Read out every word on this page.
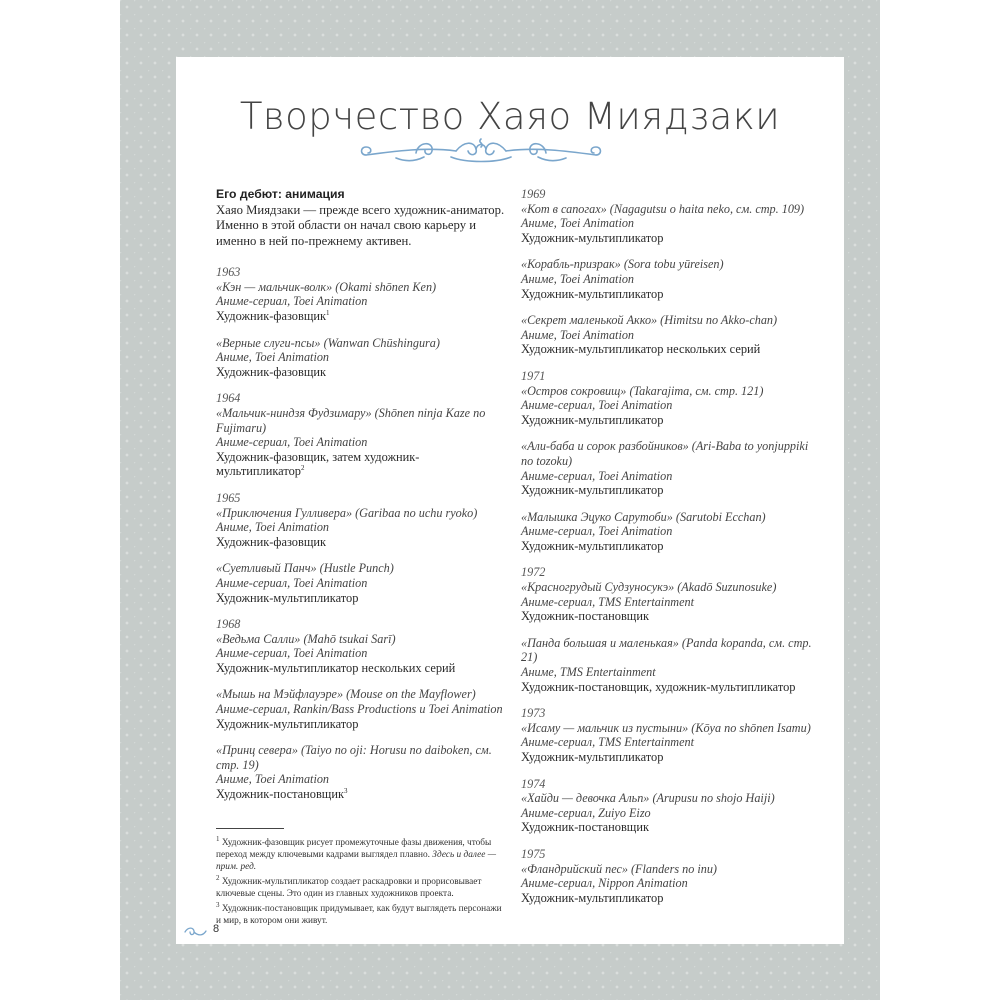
Творчество Хаяо Миядзаки
Его дебют: анимация
Хаяо Миядзаки — прежде всего художник-аниматор. Именно в этой области он начал свою карьеру и именно в ней по-прежнему активен.
1963
«Кэн — мальчик-волк» (Okami shōnen Ken)
Аниме-сериал, Toei Animation
Художник-фазовщик$^1$
«Верные слуги-псы» (Wanwan Chūshingura)
Аниме, Toei Animation
Художник-фазовщик
1964
«Мальчик-ниндзя Фудзимару» (Shōnen ninja Kaze no Fujimaru)
Аниме-сериал, Toei Animation
Художник-фазовщик, затем художник-мультипликатор$^2$
1965
«Приключения Гулливера» (Garibaa no uchu ryoko)
Аниме, Toei Animation
Художник-фазовщик
«Суетливый Панч» (Hustle Punch)
Аниме-сериал, Toei Animation
Художник-мультипликатор
1968
«Ведьма Салли» (Mahō tsukai Sarī)
Аниме-сериал, Toei Animation
Художник-мультипликатор нескольких серий
«Мышь на Мэйфлауэре» (Mouse on the Mayflower)
Аниме-сериал, Rankin/Bass Productions и Toei Animation
Художник-мультипликатор
«Принц севера» (Taiyo no oji: Horusu no daiboken, см. стр. 19)
Аниме, Toei Animation
Художник-постановщик$^3$
$^1$ Художник-фазовщик рисует промежуточные фазы движения, чтобы переход между ключевыми кадрами выглядел плавно. Здесь и далее — прим. ред.
$^2$ Художник-мультипликатор создает раскадровки и прорисовывает ключевые сцены. Это один из главных художников проекта.
$^3$ Художник-постановщик придумывает, как будут выглядеть персонажи и мир, в котором они живут.
1969
«Кот в сапогах» (Nagagutsu o haita neko, см. стр. 109)
Аниме, Toei Animation
Художник-мультипликатор
«Корабль-призрак» (Sora tobu yūreisen)
Аниме, Toei Animation
Художник-мультипликатор
«Секрет маленькой Акко» (Himitsu no Akko-chan)
Аниме, Toei Animation
Художник-мультипликатор нескольких серий
1971
«Остров сокровищ» (Takarajima, см. стр. 121)
Аниме-сериал, Toei Animation
Художник-мультипликатор
«Али-баба и сорок разбойников» (Ari-Baba to yonjuppiki no tozoku)
Аниме-сериал, Toei Animation
Художник-мультипликатор
«Малышка Эцуко Сарутоби» (Sarutobi Ecchan)
Аниме-сериал, Toei Animation
Художник-мультипликатор
1972
«Красногрудый Судзуносукэ» (Akadō Suzunosuke)
Аниме-сериал, TMS Entertainment
Художник-постановщик
«Панда большая и маленькая» (Panda kopanda, см. стр. 21)
Аниме, TMS Entertainment
Художник-постановщик, художник-мультипликатор
1973
«Исаму — мальчик из пустыни» (Kōya no shōnen Isamu)
Аниме-сериал, TMS Entertainment
Художник-мультипликатор
1974
«Хайди — девочка Альп» (Arupusu no shojo Haiji)
Аниме-сериал, Zuiyo Eizo
Художник-постановщик
1975
«Фландрийский пес» (Flanders no inu)
Аниме-сериал, Nippon Animation
Художник-мультипликатор
8
